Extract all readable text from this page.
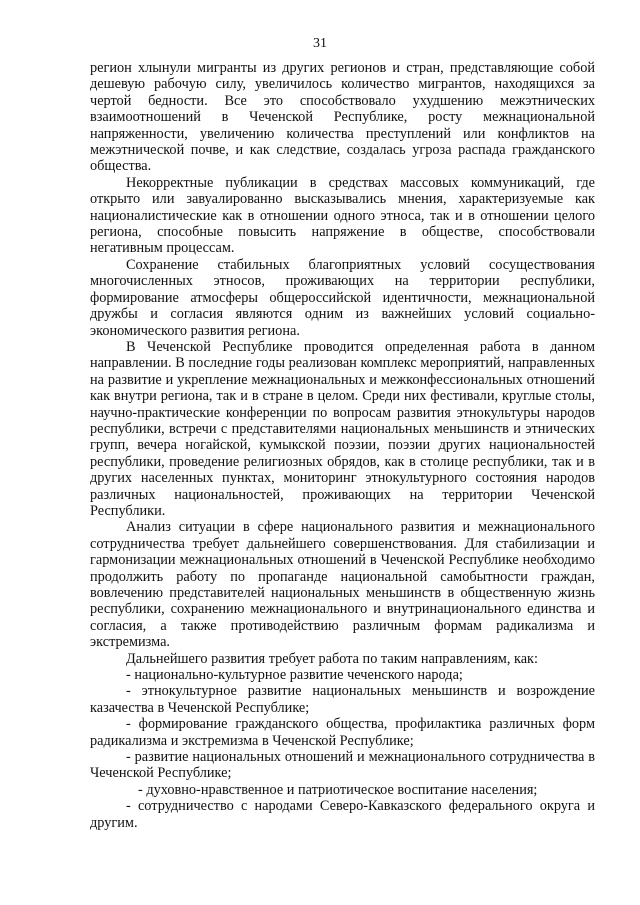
31

регион хлынули мигранты из других регионов и стран, представляющие собой дешевую рабочую силу, увеличилось количество мигрантов, находящихся за чертой бедности. Все это способствовало ухудшению межэтнических взаимоотношений в Чеченской Республике, росту межнациональной напряженности, увеличению количества преступлений или конфликтов на межэтнической почве, и как следствие, создалась угроза распада гражданского общества.

Некорректные публикации в средствах массовых коммуникаций, где открыто или завуалированно высказывались мнения, характеризуемые как националистические как в отношении одного этноса, так и в отношении целого региона, способные повысить напряжение в обществе, способствовали негативным процессам.

Сохранение стабильных благоприятных условий сосуществования многочисленных этносов, проживающих на территории республики, формирование атмосферы общероссийской идентичности, межнациональной дружбы и согласия являются одним из важнейших условий социально-экономического развития региона.

В Чеченской Республике проводится определенная работа в данном направлении. В последние годы реализован комплекс мероприятий, направленных на развитие и укрепление межнациональных и межконфессиональных отношений как внутри региона, так и в стране в целом. Среди них фестивали, круглые столы, научно-практические конференции по вопросам развития этнокультуры народов республики, встречи с представителями национальных меньшинств и этнических групп, вечера ногайской, кумыкской поэзии, поэзии других национальностей республики, проведение религиозных обрядов, как в столице республики, так и в других населенных пунктах, мониторинг этнокультурного состояния народов различных национальностей, проживающих на территории Чеченской Республики.

Анализ ситуации в сфере национального развития и межнационального сотрудничества требует дальнейшего совершенствования. Для стабилизации и гармонизации межнациональных отношений в Чеченской Республике необходимо продолжить работу по пропаганде национальной самобытности граждан, вовлечению представителей национальных меньшинств в общественную жизнь республики, сохранению межнационального и внутринационального единства и согласия, а также противодействию различным формам радикализма и экстремизма.

Дальнейшего развития требует работа по таким направлениям, как:

- национально-культурное развитие чеченского народа;

- этнокультурное развитие национальных меньшинств и возрождение казачества в Чеченской Республике;

- формирование гражданского общества, профилактика различных форм радикализма и экстремизма в Чеченской Республике;

- развитие национальных отношений и межнационального сотрудничества в Чеченской Республике;

- духовно-нравственное и патриотическое воспитание населения;

- сотрудничество с народами Северо-Кавказского федерального округа и другим.
